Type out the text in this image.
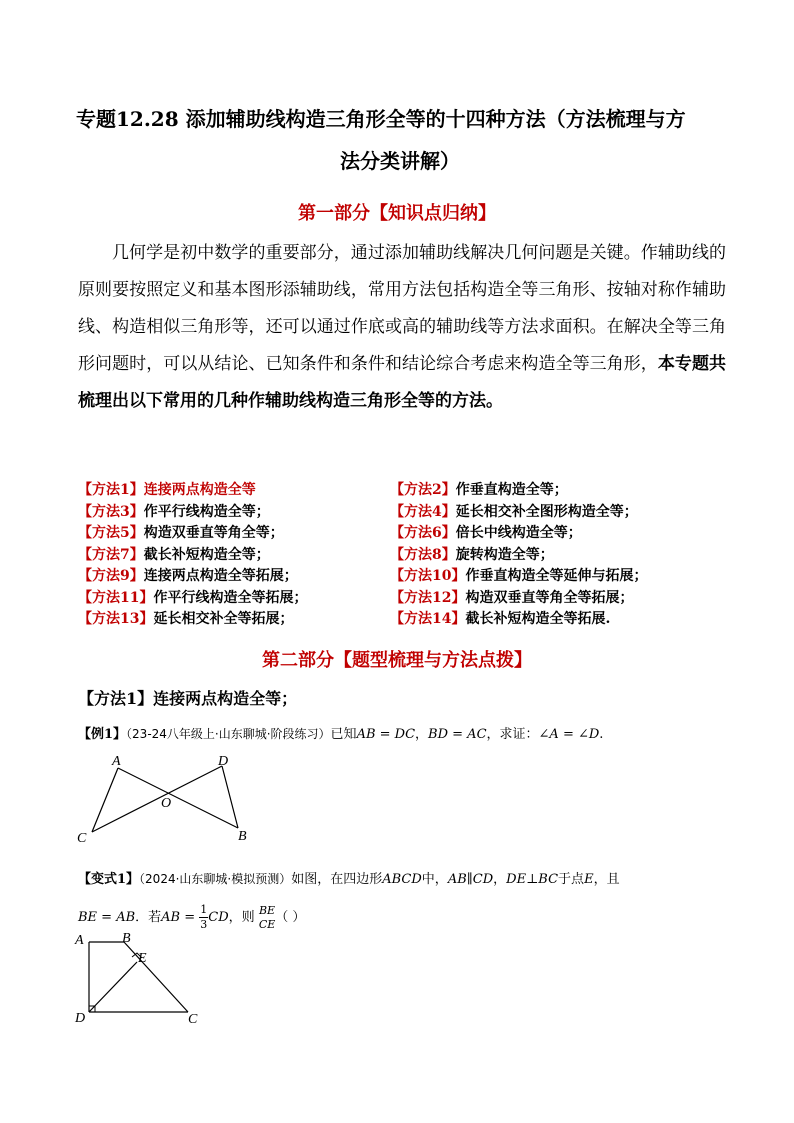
专题12.28 添加辅助线构造三角形全等的十四种方法（方法梳理与方
法分类讲解）
第一部分【知识点归纳】
几何学是初中数学的重要部分，通过添加辅助线解决几何问题是关键。作辅助线的原则要按照定义和基本图形添辅助线，常用方法包括构造全等三角形、按轴对称作辅助线、构造相似三角形等，还可以通过作底或高的辅助线等方法求面积。在解决全等三角形问题时，可以从结论、已知条件和条件和结论综合考虑来构造全等三角形，本专题共梳理出以下常用的几种作辅助线构造三角形全等的方法。
【方法1】连接两点构造全等	【方法2】作垂直构造全等；
【方法3】作平行线构造全等；	【方法4】延长相交补全图形构造全等；
【方法5】构造双垂直等角全等；	【方法6】倍长中线构造全等；
【方法7】截长补短构造全等；	【方法8】旋转构造全等；
【方法9】连接两点构造全等拓展；	【方法10】作垂直构造全等延伸与拓展；
【方法11】作平行线构造全等拓展；	【方法12】构造双垂直等角全等拓展；
【方法13】延长相交补全等拓展；	【方法14】截长补短构造全等拓展.
第二部分【题型梳理与方法点拨】
【方法1】连接两点构造全等；
【例1】（23-24八年级上·山东聊城·阶段练习）已知AB = DC，BD = AC，求证：∠A = ∠D.
A	D
O
C	B
【变式1】（2024·山东聊城·模拟预测）如图，在四边形ABCD中，AB∥CD，DE⊥BC于点E，且
BE = AB．若AB = $\frac{1}{3}$ CD，则 BE
CE （ ）
A	B
E
D	C
